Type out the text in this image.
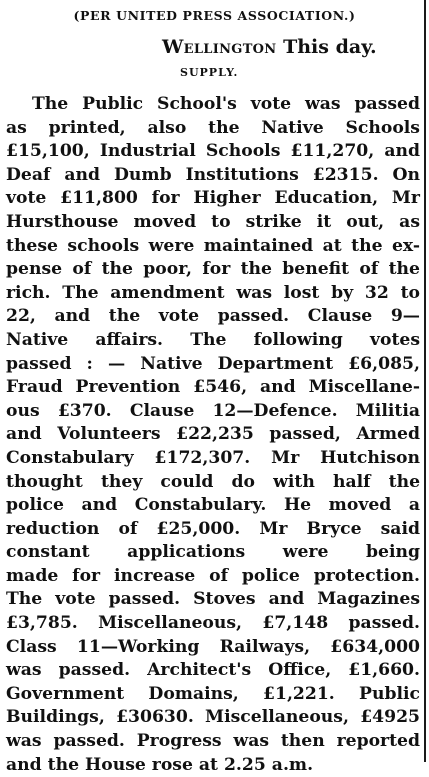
(PER UNITED PRESS ASSOCIATION.)
Wellington This day.
SUPPLY.
The Public School's vote was passed
as printed, also the Native Schools
£15,100, Industrial Schools £11,270, and
Deaf and Dumb Institutions £2315. On
vote £11,800 for Higher Education, Mr
Hursthouse moved to strike it out, as
these schools were maintained at the ex-
pense of the poor, for the benefit of the
rich. The amendment was lost by 32 to
22, and the vote passed. Clause 9—
Native affairs. The following votes
passed : — Native Department £6,085,
Fraud Prevention £546, and Miscellane-
ous £370. Clause 12—Defence. Militia
and Volunteers £22,235 passed, Armed
Constabulary £172,307. Mr Hutchison
thought they could do with half the
police and Constabulary. He moved a
reduction of £25,000. Mr Bryce said
constant applications were being
made for increase of police protection.
The vote passed. Stoves and Magazines
£3,785. Miscellaneous, £7,148 passed.
Class 11—Working Railways, £634,000
was passed. Architect's Office, £1,660.
Government Domains, £1,221. Public
Buildings, £30630. Miscellaneous, £4925
was passed. Progress was then reported
and the House rose at 2.25 a.m.
